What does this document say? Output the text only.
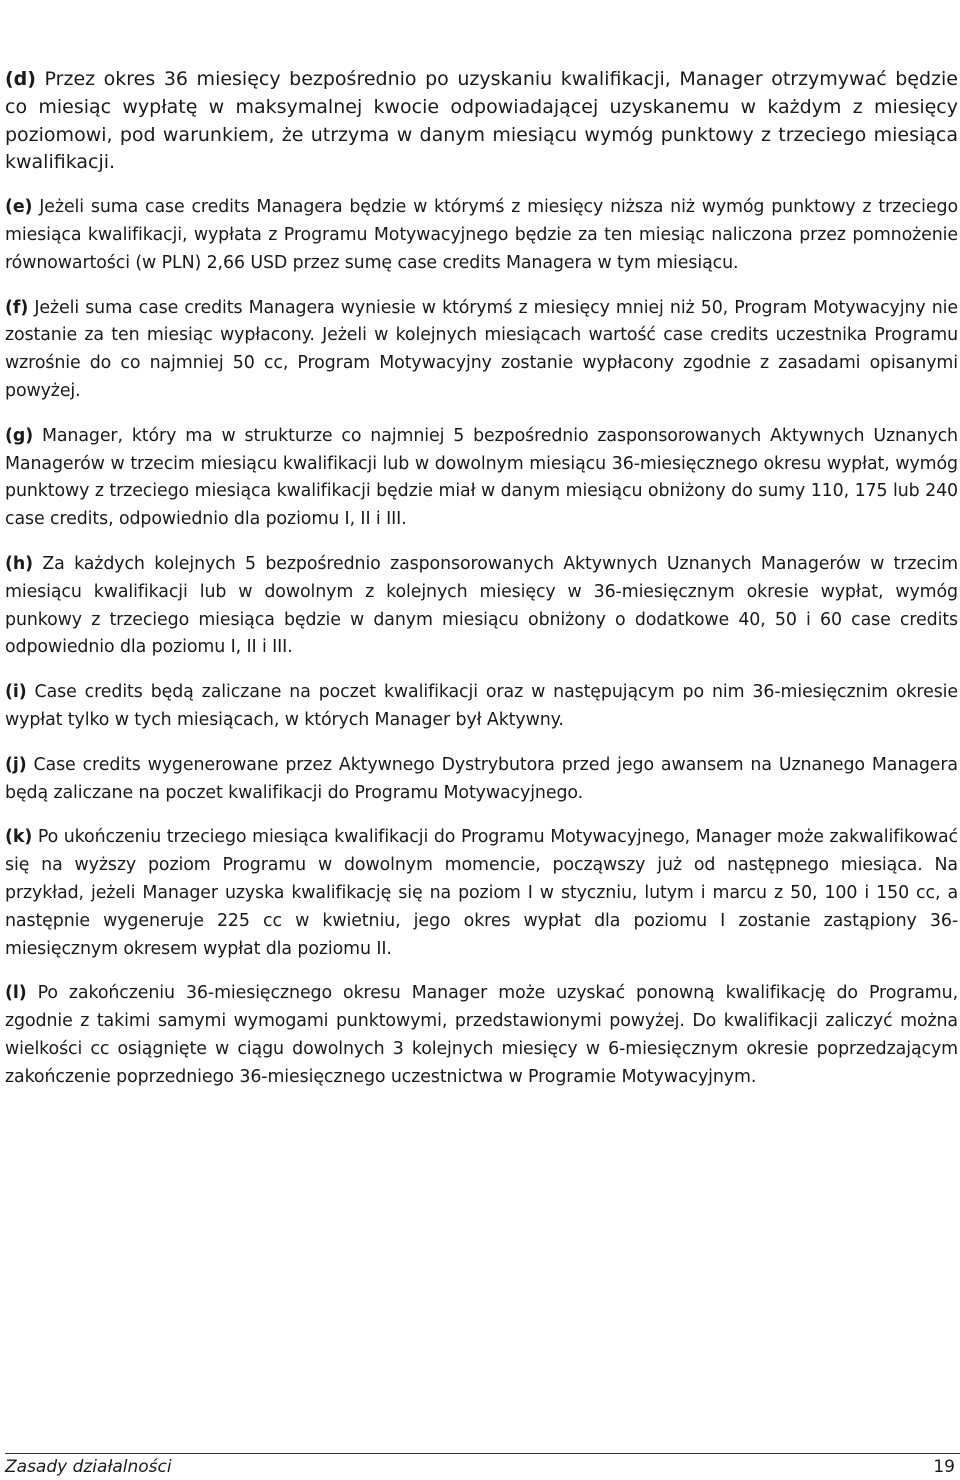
(d) Przez okres 36 miesięcy bezpośrednio po uzyskaniu kwalifikacji, Manager otrzymywać będzie co miesiąc wypłatę w maksymalnej kwocie odpowiadającej uzyskanemu w każdym z miesięcy poziomowi, pod warunkiem, że utrzyma w danym miesiącu wymóg punktowy z trzeciego miesiąca kwalifikacji.

(e) Jeżeli suma case credits Managera będzie w którymś z miesięcy niższa niż wymóg punktowy z trzeciego miesiąca kwalifikacji, wypłata z Programu Motywacyjnego będzie za ten miesiąc naliczona przez pomnożenie równowartości (w PLN) 2,66 USD przez sumę case credits Managera w tym miesiącu.

(f) Jeżeli suma case credits Managera wyniesie w którymś z miesięcy mniej niż 50, Program Motywacyjny nie zostanie za ten miesiąc wypłacony. Jeżeli w kolejnych miesiącach wartość case credits uczestnika Programu wzrośnie do co najmniej 50 cc, Program Motywacyjny zostanie wypłacony zgodnie z zasadami opisanymi powyżej.

(g) Manager, który ma w strukturze co najmniej 5 bezpośrednio zasponsorowanych Aktywnych Uznanych Managerów w trzecim miesiącu kwalifikacji lub w dowolnym miesiącu 36-miesięcznego okresu wypłat, wymóg punktowy z trzeciego miesiąca kwalifikacji będzie miał w danym miesiącu obniżony do sumy 110, 175 lub 240 case credits, odpowiednio dla poziomu I, II i III.

(h) Za każdych kolejnych 5 bezpośrednio zasponsorowanych Aktywnych Uznanych Managerów w trzecim miesiącu kwalifikacji lub w dowolnym z kolejnych miesięcy w 36-miesięcznym okresie wypłat, wymóg punkowy z trzeciego miesiąca będzie w danym miesiącu obniżony o dodatkowe 40, 50 i 60 case credits odpowiednio dla poziomu I, II i III.

(i) Case credits będą zaliczane na poczet kwalifikacji oraz w następującym po nim 36-miesięcznim okresie wypłat tylko w tych miesiącach, w których Manager był Aktywny.

(j) Case credits wygenerowane przez Aktywnego Dystrybutora przed jego awansem na Uznanego Managera będą zaliczane na poczet kwalifikacji do Programu Motywacyjnego.

(k) Po ukończeniu trzeciego miesiąca kwalifikacji do Programu Motywacyjnego, Manager może zakwalifikować się na wyższy poziom Programu w dowolnym momencie, począwszy już od następnego miesiąca. Na przykład, jeżeli Manager uzyska kwalifikację się na poziom I w styczniu, lutym i marcu z 50, 100 i 150 cc, a następnie wygeneruje 225 cc w kwietniu, jego okres wypłat dla poziomu I zostanie zastąpiony 36-miesięcznym okresem wypłat dla poziomu II.

(l) Po zakończeniu 36-miesięcznego okresu Manager może uzyskać ponowną kwalifikację do Programu, zgodnie z takimi samymi wymogami punktowymi, przedstawionymi powyżej. Do kwalifikacji zaliczyć można wielkości cc osiągnięte w ciągu dowolnych 3 kolejnych miesięcy w 6-miesięcznym okresie poprzedzającym zakończenie poprzedniego 36-miesięcznego uczestnictwa w Programie Motywacyjnym.

Zasady działalności	19
